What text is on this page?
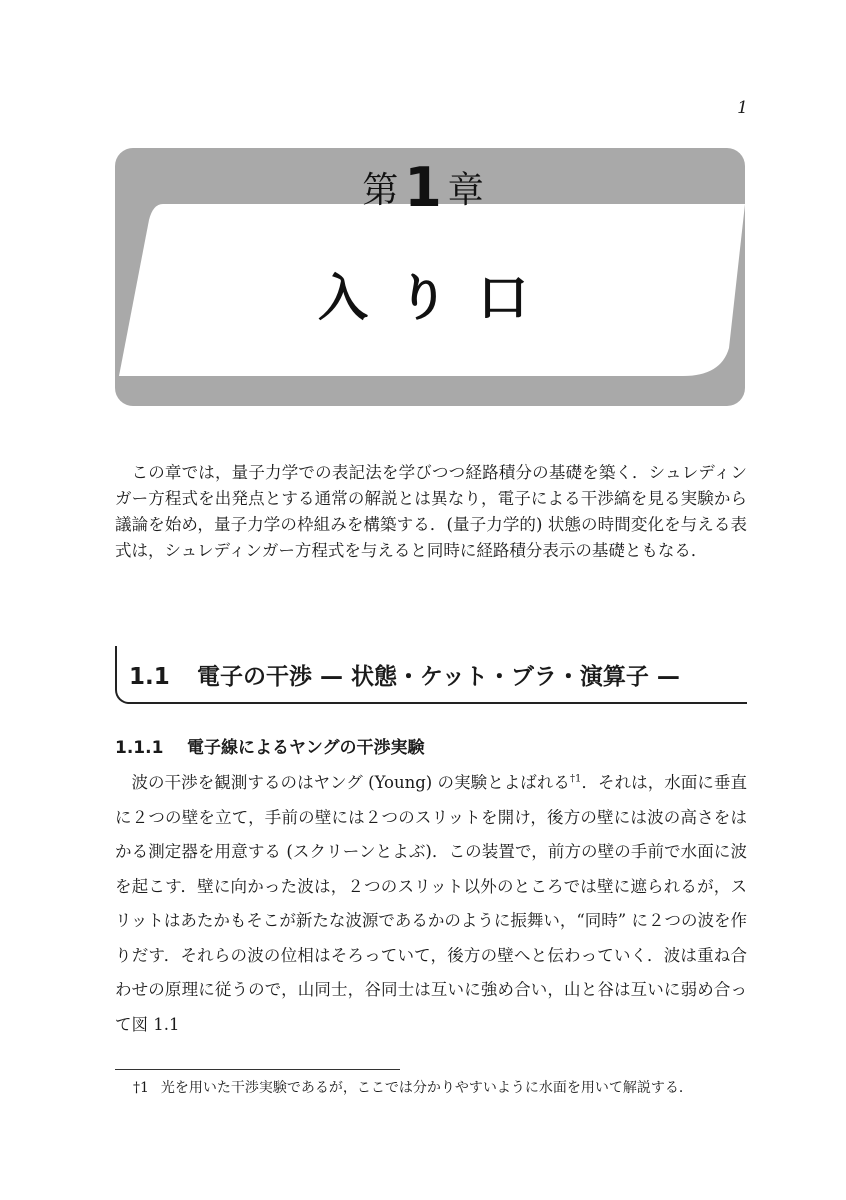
1
第 1 章
入り口
この章では，量子力学での表記法を学びつつ経路積分の基礎を築く．シュレディンガー方程式を出発点とする通常の解説とは異なり，電子による干渉縞を見る実験から議論を始め，量子力学の枠組みを構築する．(量子力学的) 状態の時間変化を与える表式は，シュレディンガー方程式を与えると同時に経路積分表示の基礎ともなる．
1.1 電子の干渉 — 状態・ケット・ブラ・演算子 —
1.1.1 電子線によるヤングの干渉実験
波の干渉を観測するのはヤング (Young) の実験とよばれる$^{\dagger 1}$．それは，水面に垂直に２つの壁を立て，手前の壁には２つのスリットを開け，後方の壁には波の高さをはかる測定器を用意する (スクリーンとよぶ)．この装置で，前方の壁の手前で水面に波を起こす．壁に向かった波は，２つのスリット以外のところでは壁に遮られるが，スリットはあたかもそこが新たな波源であるかのように振舞い，“同時” に２つの波を作りだす．それらの波の位相はそろっていて，後方の壁へと伝わっていく．波は重ね合わせの原理に従うので，山同士，谷同士は互いに強め合い，山と谷は互いに弱め合って図 1.1
†1 光を用いた干渉実験であるが，ここでは分かりやすいように水面を用いて解説する．
